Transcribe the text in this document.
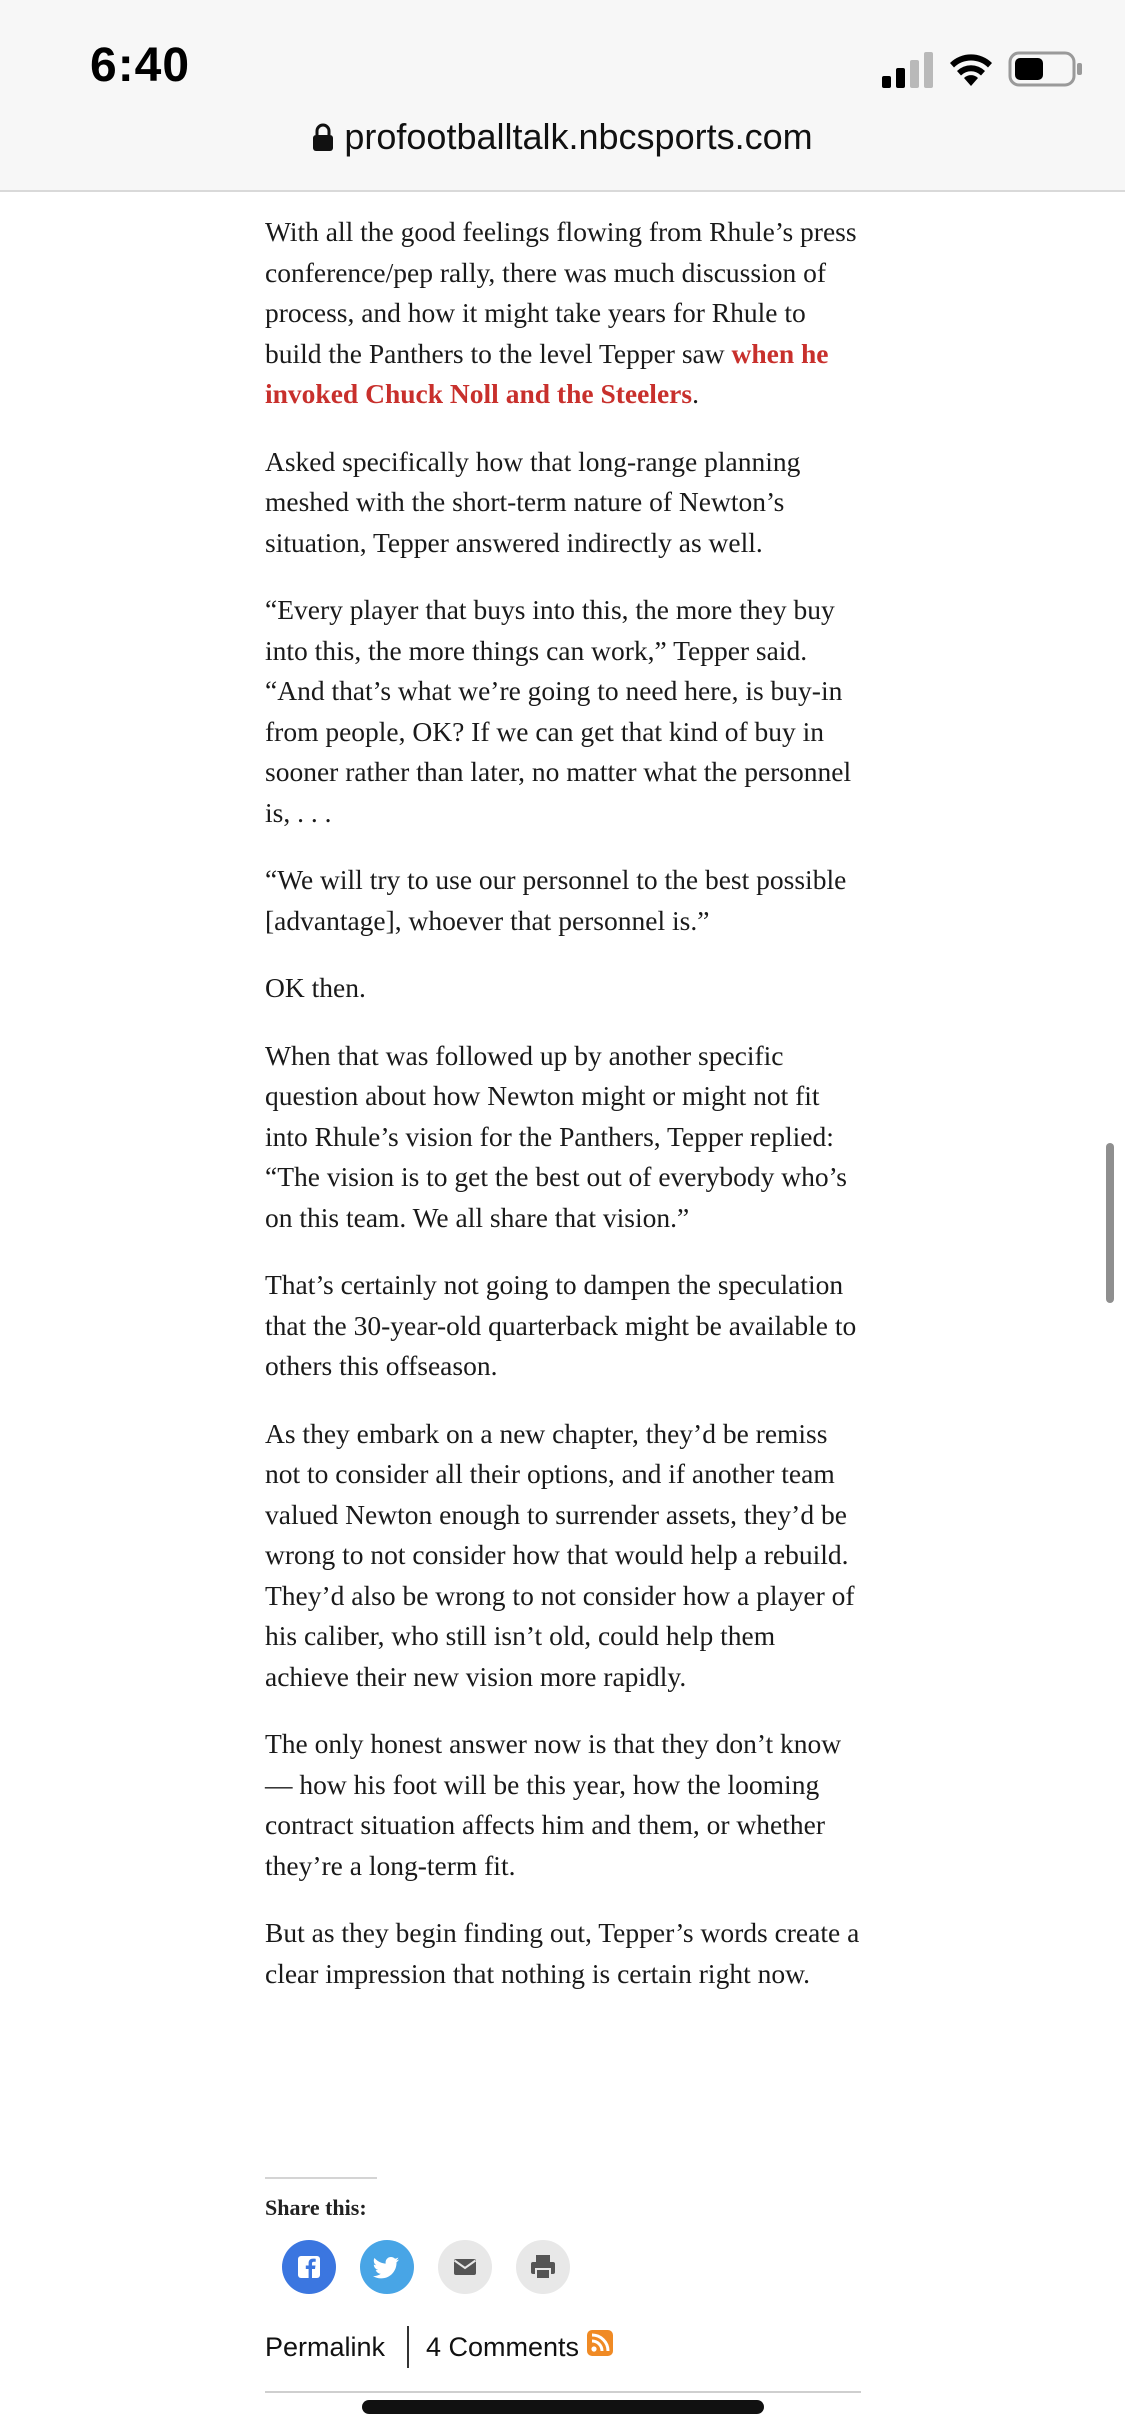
6:40
profootballtalk.nbcsports.com

With all the good feelings flowing from Rhule’s press conference/pep rally, there was much discussion of process, and how it might take years for Rhule to build the Panthers to the level Tepper saw when he invoked Chuck Noll and the Steelers.

Asked specifically how that long-range planning meshed with the short-term nature of Newton’s situation, Tepper answered indirectly as well.

“Every player that buys into this, the more they buy into this, the more things can work,” Tepper said. “And that’s what we’re going to need here, is buy-in from people, OK? If we can get that kind of buy in sooner rather than later, no matter what the personnel is, . . .

“We will try to use our personnel to the best possible [advantage], whoever that personnel is.”

OK then.

When that was followed up by another specific question about how Newton might or might not fit into Rhule’s vision for the Panthers, Tepper replied: “The vision is to get the best out of everybody who’s on this team. We all share that vision.”

That’s certainly not going to dampen the speculation that the 30-year-old quarterback might be available to others this offseason.

As they embark on a new chapter, they’d be remiss not to consider all their options, and if another team valued Newton enough to surrender assets, they’d be wrong to not consider how that would help a rebuild. They’d also be wrong to not consider how a player of his caliber, who still isn’t old, could help them achieve their new vision more rapidly.

The only honest answer now is that they don’t know — how his foot will be this year, how the looming contract situation affects him and them, or whether they’re a long-term fit.

But as they begin finding out, Tepper’s words create a clear impression that nothing is certain right now.

Share this:
Permalink 4 Comments
